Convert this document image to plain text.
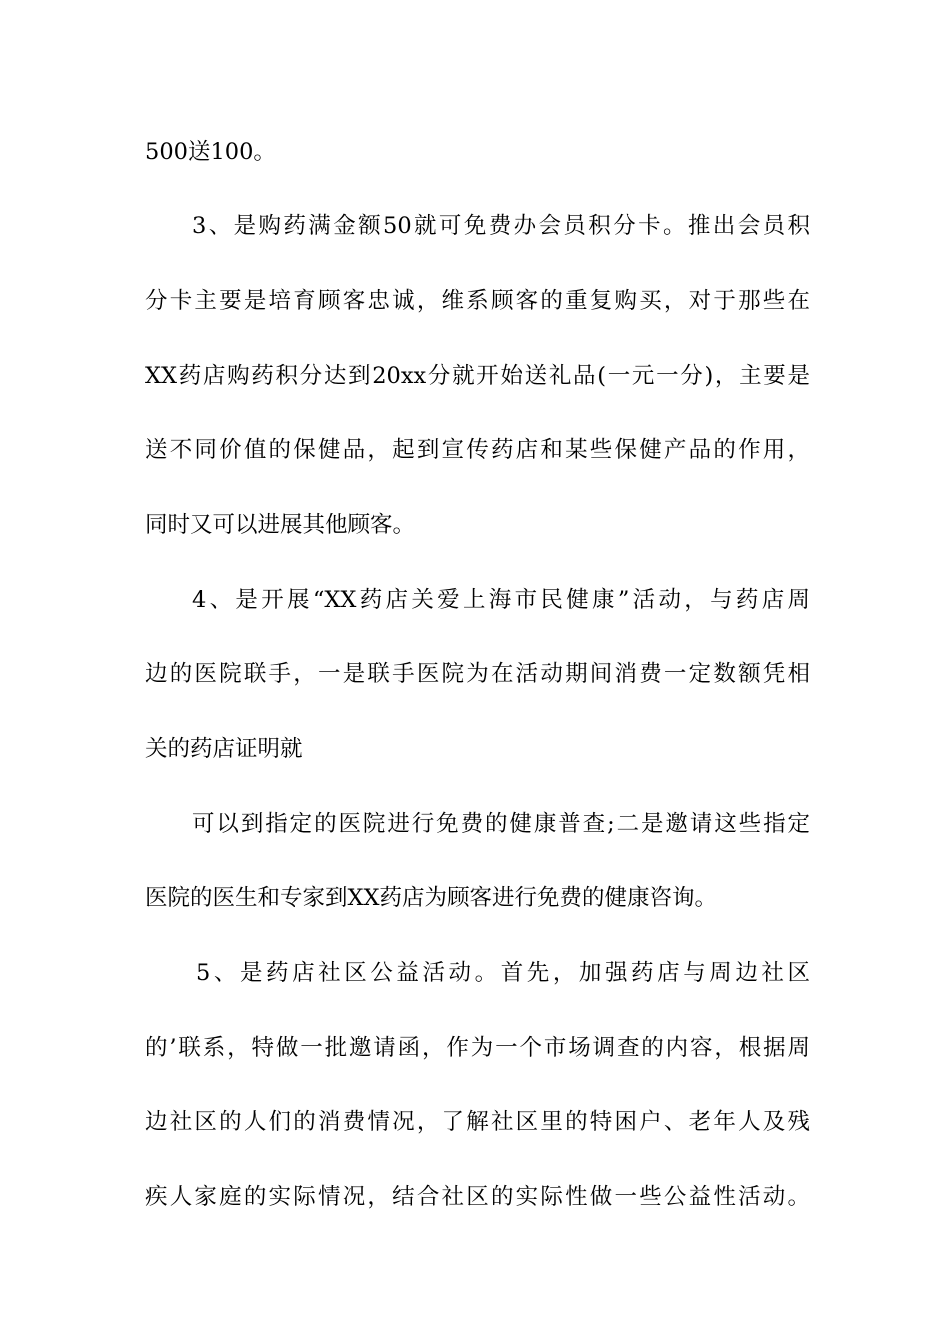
500送100。
3、是购药满金额50就可免费办会员积分卡。推出会员积
分卡主要是培育顾客忠诚，维系顾客的重复购买，对于那些在
XX药店购药积分达到20xx分就开始送礼品(一元一分)，主要是
送不同价值的保健品，起到宣传药店和某些保健产品的作用，
同时又可以进展其他顾客。
4、是开展“XX药店关爱上海市民健康”活动，与药店周
边的医院联手，一是联手医院为在活动期间消费一定数额凭相
关的药店证明就
可以到指定的医院进行免费的健康普查;二是邀请这些指定
医院的医生和专家到XX药店为顾客进行免费的健康咨询。
5、是药店社区公益活动。首先，加强药店与周边社区
的’联系，特做一批邀请函，作为一个市场调查的内容，根据周
边社区的人们的消费情况，了解社区里的特困户、老年人及残
疾人家庭的实际情况，结合社区的实际性做一些公益性活动。
